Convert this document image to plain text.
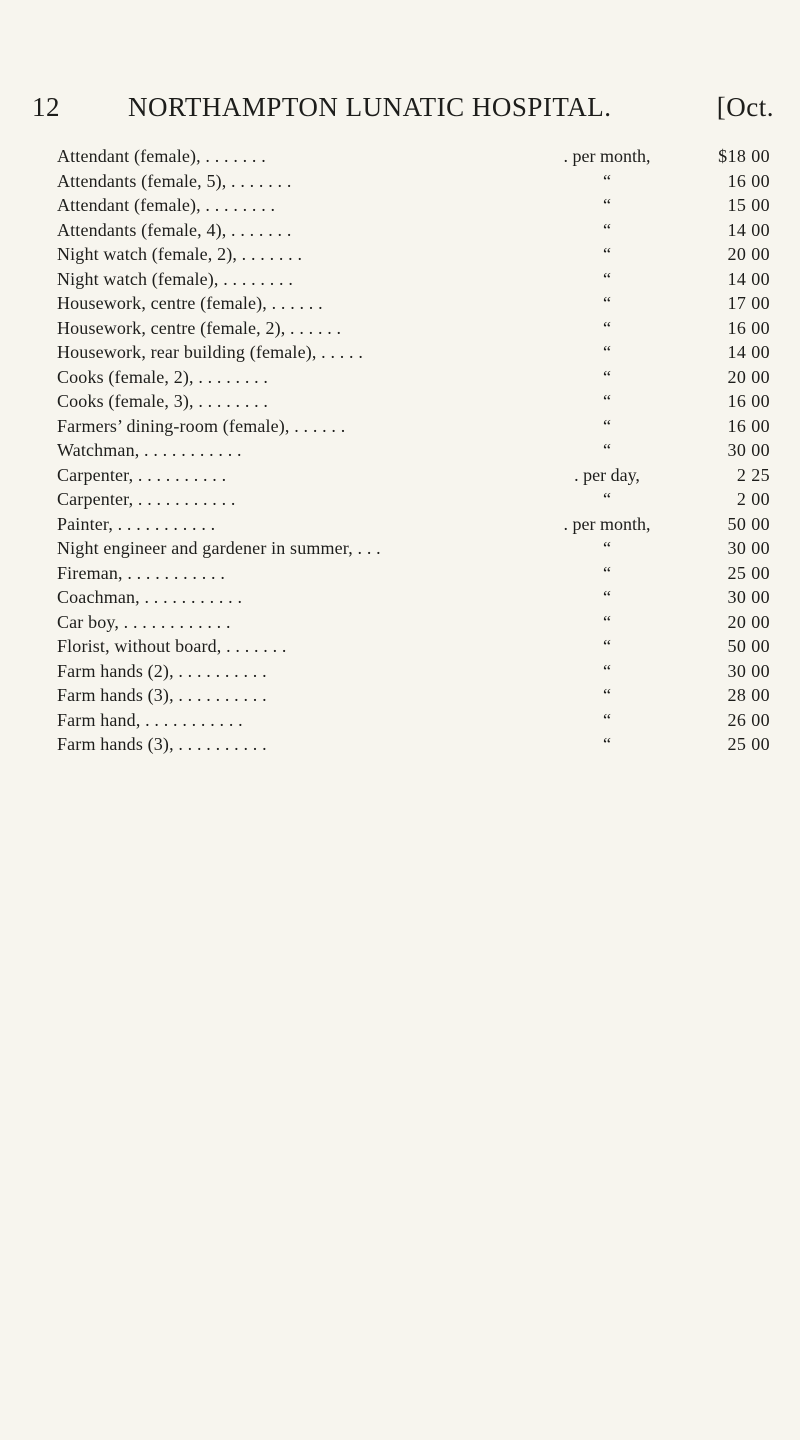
12	NORTHAMPTON LUNATIC HOSPITAL.	[Oct.
Attendant (female), . . . . . . .	. per month,	$18 00
Attendants (female, 5), . . . . . . .	“	16 00
Attendant (female), . . . . . . . .	“	15 00
Attendants (female, 4), . . . . . . .	“	14 00
Night watch (female, 2), . . . . . . .	“	20 00
Night watch (female), . . . . . . . .	“	14 00
Housework, centre (female), . . . . . .	“	17 00
Housework, centre (female, 2), . . . . . .	“	16 00
Housework, rear building (female), . . . . .	“	14 00
Cooks (female, 2), . . . . . . . .	“	20 00
Cooks (female, 3), . . . . . . . .	“	16 00
Farmers’ dining-room (female), . . . . . .	“	16 00
Watchman, . . . . . . . . . . .	“	30 00
Carpenter, . . . . . . . . . .	. per day,	2 25
Carpenter, . . . . . . . . . . .	“	2 00
Painter, . . . . . . . . . . .	. per month,	50 00
Night engineer and gardener in summer, . . .	“	30 00
Fireman, . . . . . . . . . . .	“	25 00
Coachman, . . . . . . . . . . .	“	30 00
Car boy, . . . . . . . . . . . .	“	20 00
Florist, without board, . . . . . . .	“	50 00
Farm hands (2), . . . . . . . . . .	“	30 00
Farm hands (3), . . . . . . . . . .	“	28 00
Farm hand, . . . . . . . . . . .	“	26 00
Farm hands (3), . . . . . . . . . .	“	25 00
